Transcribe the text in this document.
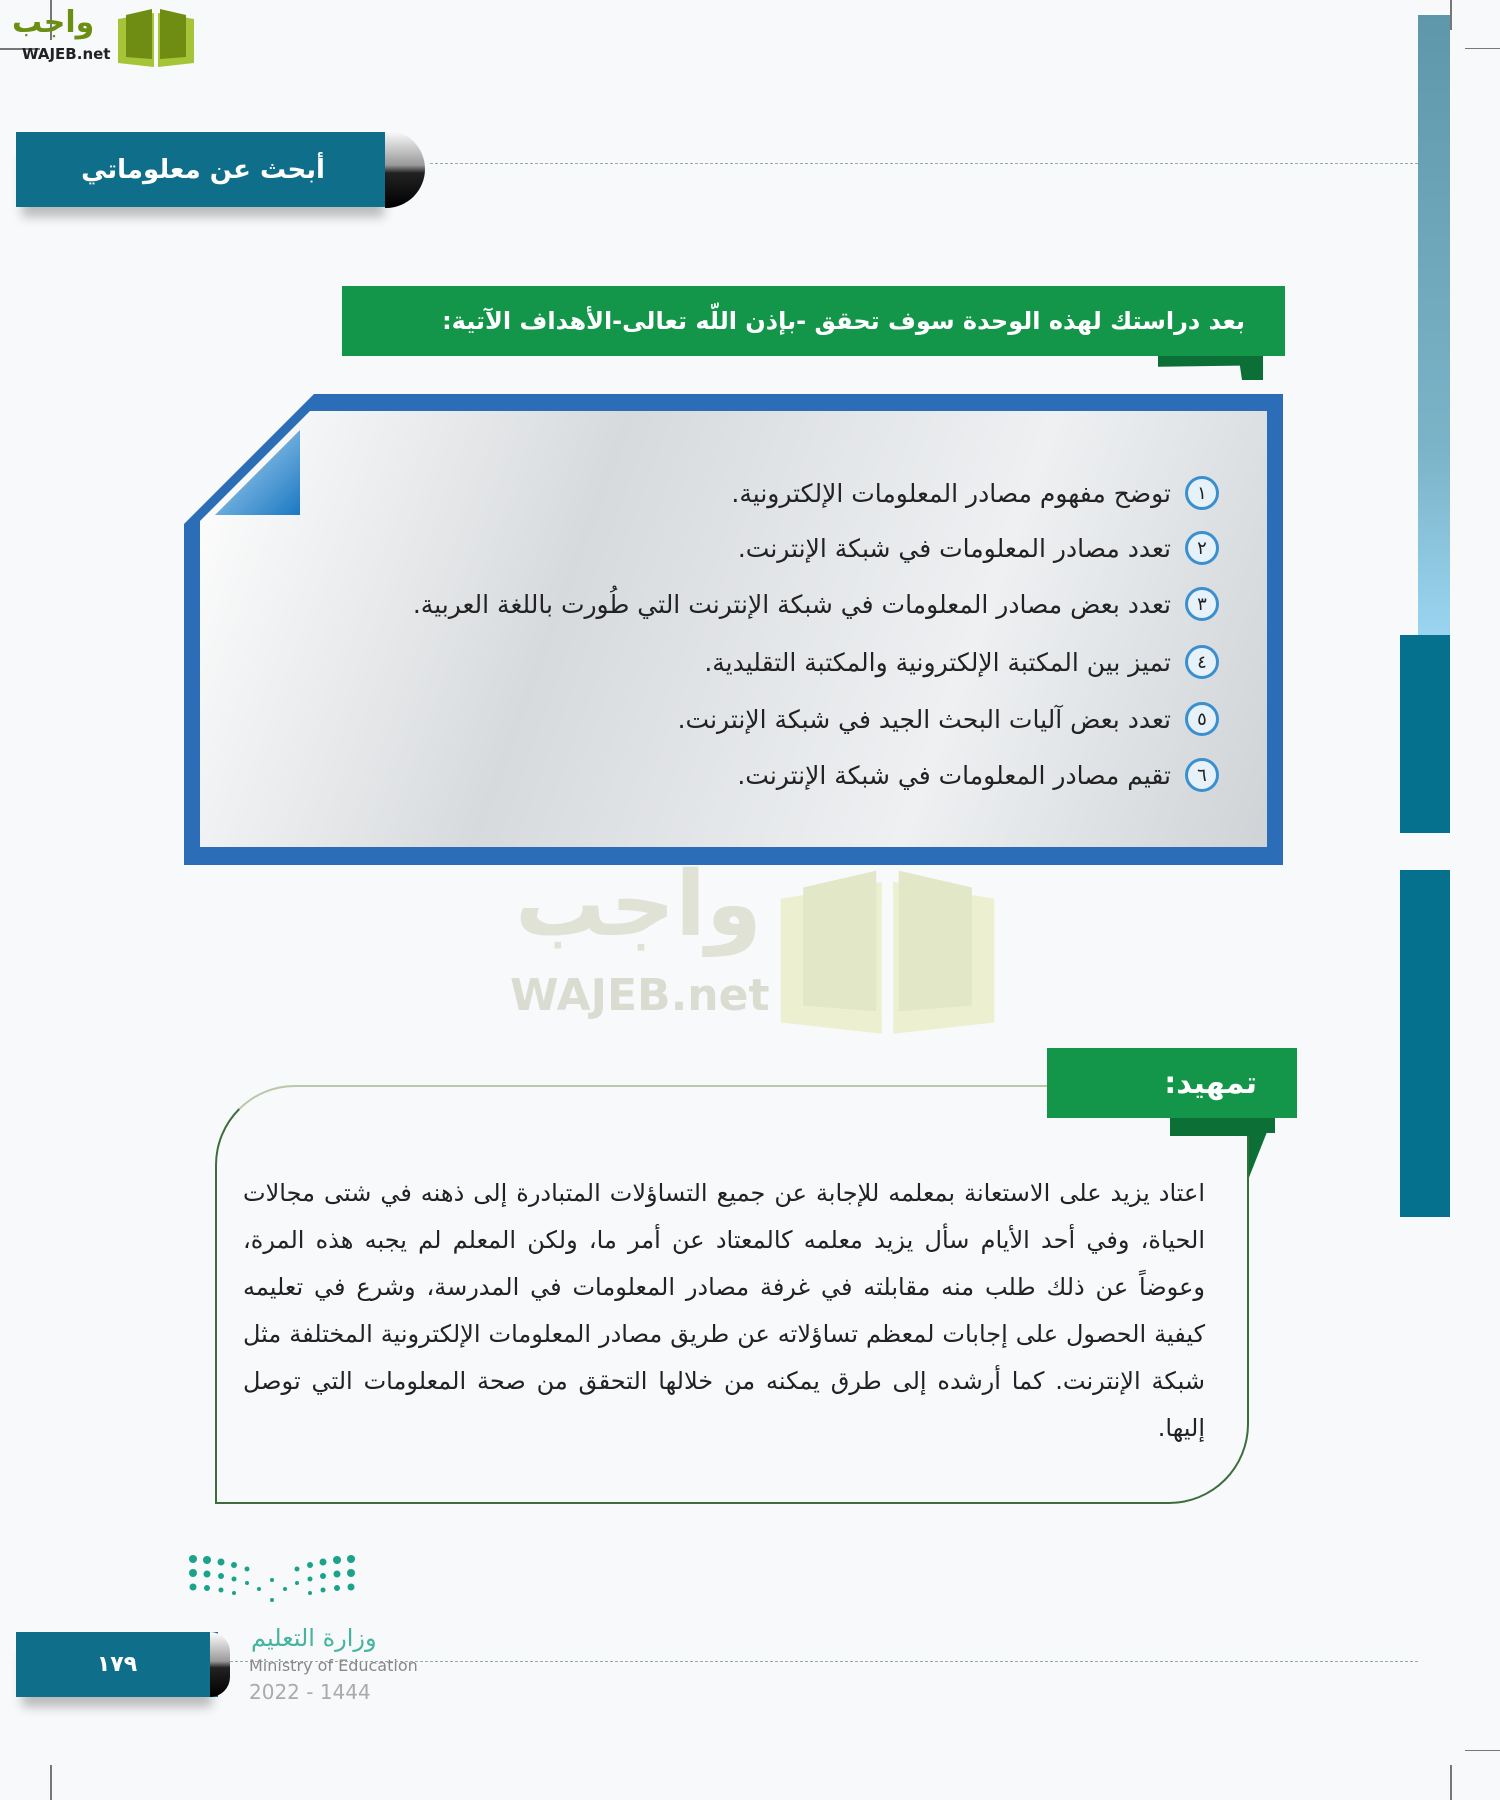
واجب
WAJEB.net
أبحث عن معلوماتي
بعد دراستك لهذه الوحدة سوف تحقق -بإذن اللّه تعالى-الأهداف الآتية:
١
توضح مفهوم مصادر المعلومات الإلكترونية.
٢
تعدد مصادر المعلومات في شبكة الإنترنت.
٣
تعدد بعض مصادر المعلومات في شبكة الإنترنت التي طُورت باللغة العربية.
٤
تميز بين المكتبة الإلكترونية والمكتبة التقليدية.
٥
تعدد بعض آليات البحث الجيد في شبكة الإنترنت.
٦
تقيم مصادر المعلومات في شبكة الإنترنت.
واجب
WAJEB.net
تمهيد:

اعتاد يزيد على الاستعانة بمعلمه للإجابة عن جميع التساؤلات المتبادرة إلى ذهنه في شتى مجالات الحياة، وفي أحد الأيام سأل يزيد معلمه كالمعتاد عن أمر ما، ولكن المعلم لم يجبه هذه المرة، وعوضاً عن ذلك طلب منه مقابلته في غرفة مصادر المعلومات في المدرسة، وشرع في تعليمه كيفية الحصول على إجابات لمعظم تساؤلاته عن طريق مصادر المعلومات الإلكترونية المختلفة مثل شبكة الإنترنت. كما أرشده إلى طرق يمكنه من خلالها التحقق من صحة المعلومات التي توصل إليها.

١٧٩
وزارة التعليم
Ministry of Education
2022 - 1444
